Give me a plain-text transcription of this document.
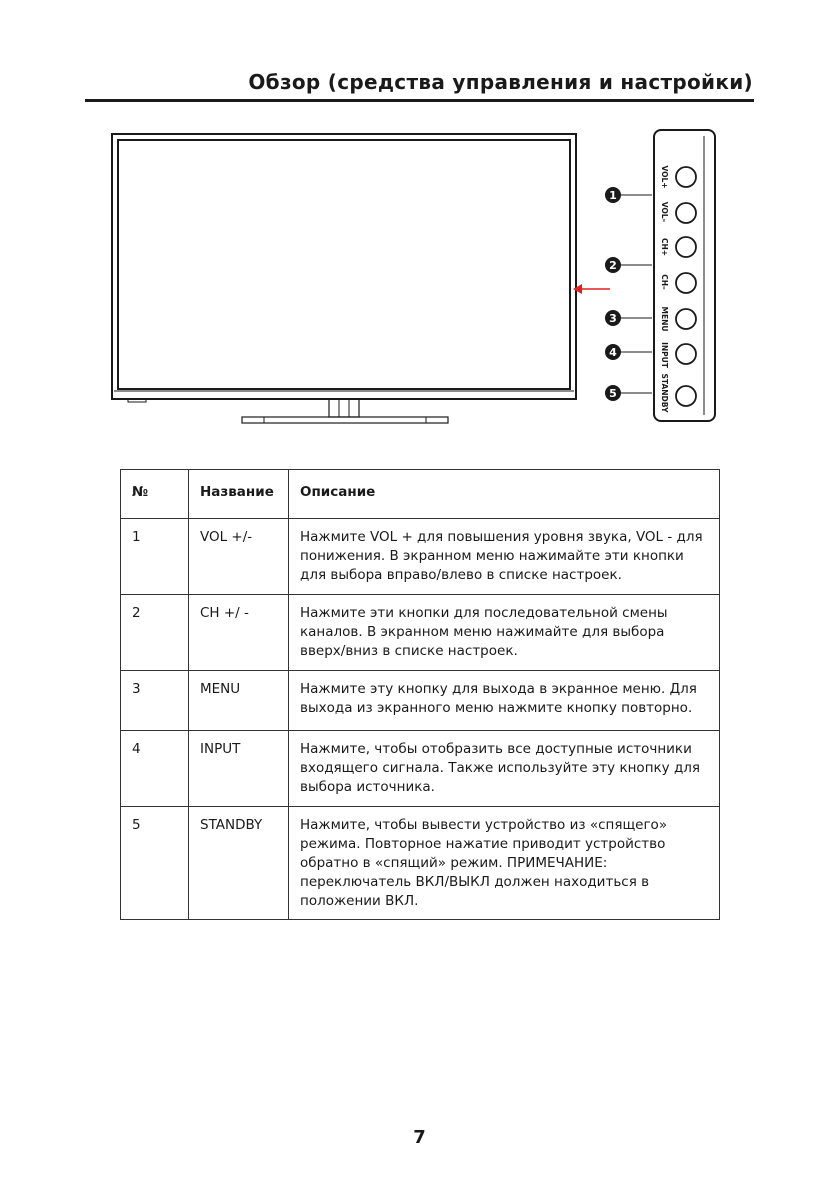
Обзор (средства управления и настройки)
VOL+
VOL–
CH+
CH–
MENU
INPUT
STANDBY
1
2
3
4
5
№	Название	Описание
1	VOL +/-	Нажмите VOL + для повышения уровня звука, VOL - для понижения. В экранном меню нажимайте эти кнопки для выбора вправо/влево в списке настроек.
2	CH +/ -	Нажмите эти кнопки для последовательной смены каналов. В экранном меню нажимайте для выбора вверх/вниз в списке настроек.
3	MENU	Нажмите эту кнопку для выхода в экранное меню. Для выхода из экранного меню нажмите кнопку повторно.
4	INPUT	Нажмите, чтобы отобразить все доступные источники входящего сигнала. Также используйте эту кнопку для выбора источника.
5	STANDBY	Нажмите, чтобы вывести устройство из «спящего» режима. Повторное нажатие приводит устройство обратно в «спящий» режим. ПРИМЕЧАНИЕ: переключатель ВКЛ/ВЫКЛ должен находиться в положении ВКЛ.
7
